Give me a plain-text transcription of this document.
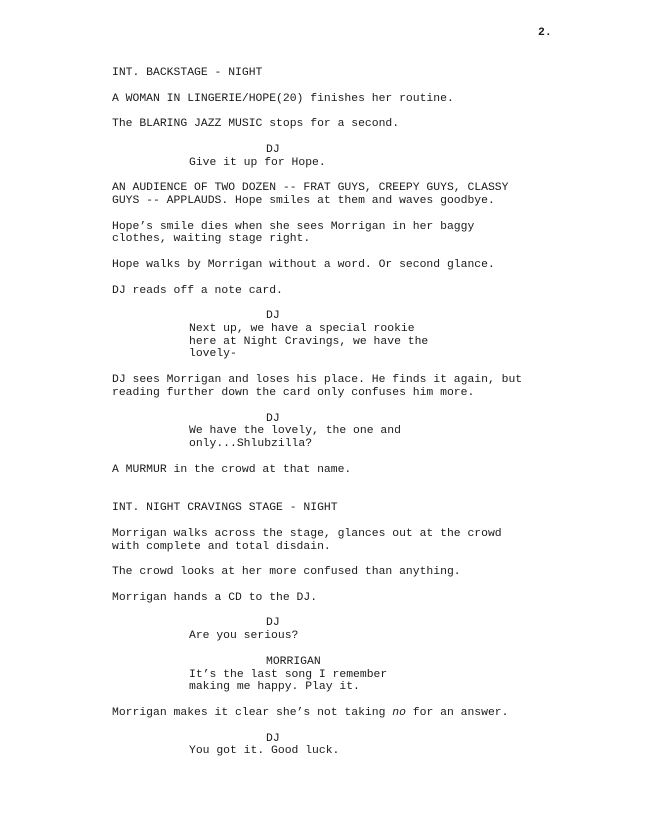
2.
INT. BACKSTAGE - NIGHT
A WOMAN IN LINGERIE/HOPE(20) finishes her routine.
The BLARING JAZZ MUSIC stops for a second.
DJ
Give it up for Hope.
AN AUDIENCE OF TWO DOZEN -- FRAT GUYS, CREEPY GUYS, CLASSY
GUYS -- APPLAUDS. Hope smiles at them and waves goodbye.
Hope’s smile dies when she sees Morrigan in her baggy
clothes, waiting stage right.
Hope walks by Morrigan without a word. Or second glance.
DJ reads off a note card.
DJ
Next up, we have a special rookie
here at Night Cravings, we have the
lovely-
DJ sees Morrigan and loses his place. He finds it again, but
reading further down the card only confuses him more.
DJ
We have the lovely, the one and
only...Shlubzilla?
A MURMUR in the crowd at that name.
INT. NIGHT CRAVINGS STAGE - NIGHT
Morrigan walks across the stage, glances out at the crowd
with complete and total disdain.
The crowd looks at her more confused than anything.
Morrigan hands a CD to the DJ.
DJ
Are you serious?
MORRIGAN
It’s the last song I remember
making me happy. Play it.
Morrigan makes it clear she’s not taking no for an answer.
DJ
You got it. Good luck.
